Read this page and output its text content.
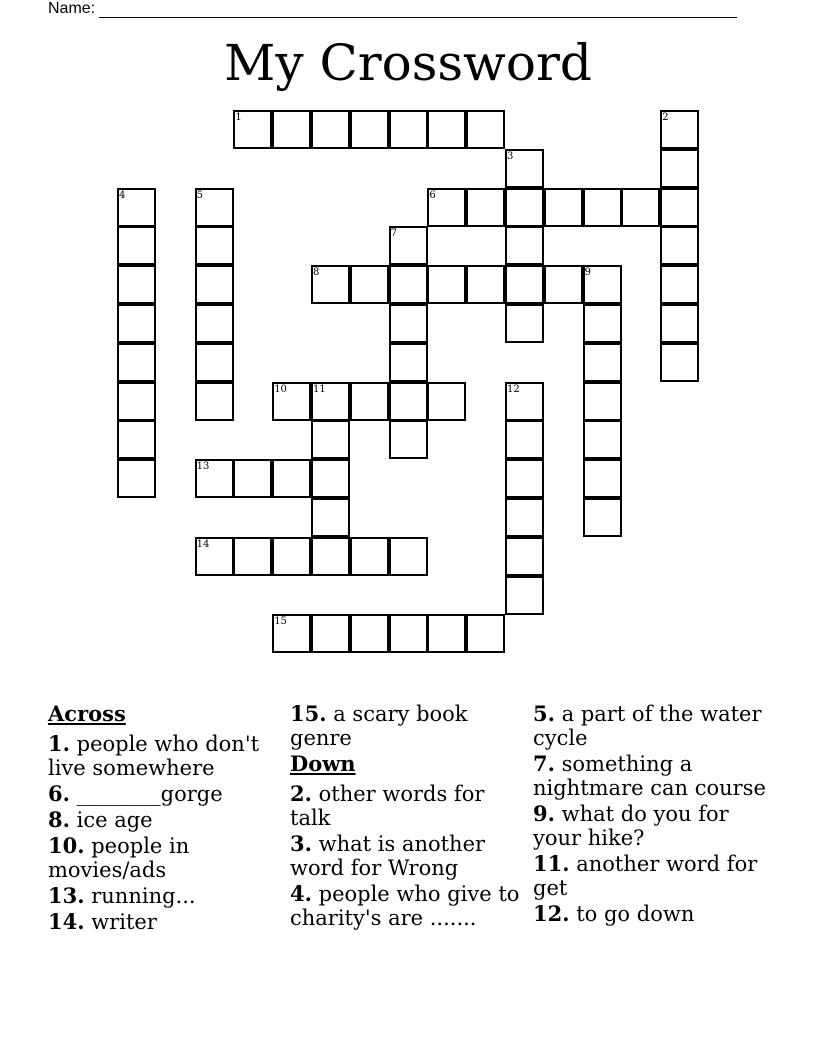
Name:
My Crossword
1	2
3
4	5	6
7
8	9
10	11	12
13
14
15
Across
1. people who don't live somewhere
6. ________gorge
8. ice age
10. people in movies/ads
13. running...
14. writer
15. a scary book genre
Down
2. other words for talk
3. what is another word for Wrong
4. people who give to charity's are .......
5. a part of the water cycle
7. something a nightmare can course
9. what do you for your hike?
11. another word for get
12. to go down
